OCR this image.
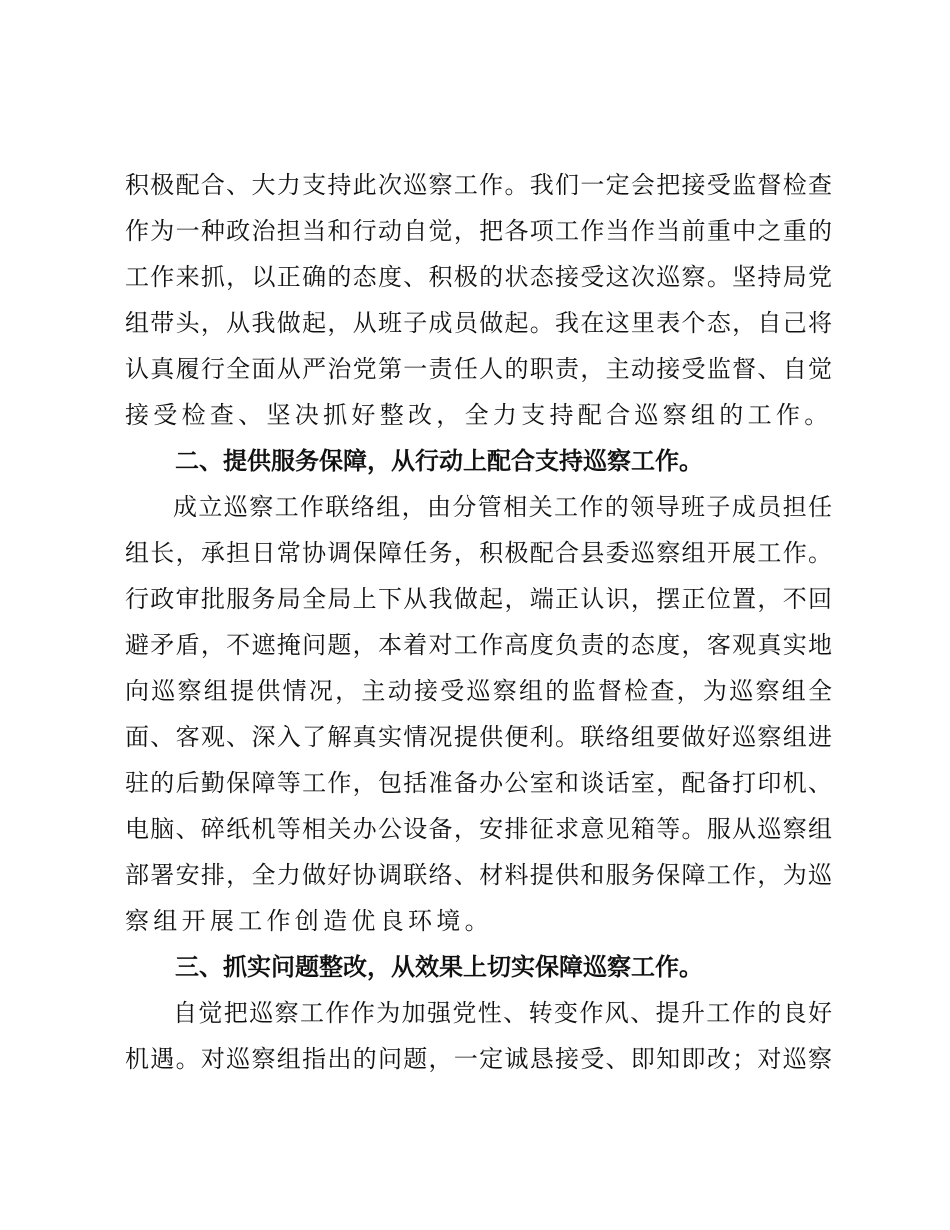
积极配合、大力支持此次巡察工作。我们一定会把接受监督检查
作为一种政治担当和行动自觉，把各项工作当作当前重中之重的
工作来抓，以正确的态度、积极的状态接受这次巡察。坚持局党
组带头，从我做起，从班子成员做起。我在这里表个态，自己将
认真履行全面从严治党第一责任人的职责，主动接受监督、自觉
接受检查、坚决抓好整改，全力支持配合巡察组的工作。
二、提供服务保障，从行动上配合支持巡察工作。
成立巡察工作联络组，由分管相关工作的领导班子成员担任
组长，承担日常协调保障任务，积极配合县委巡察组开展工作。
行政审批服务局全局上下从我做起，端正认识，摆正位置，不回
避矛盾，不遮掩问题，本着对工作高度负责的态度，客观真实地
向巡察组提供情况，主动接受巡察组的监督检查，为巡察组全
面、客观、深入了解真实情况提供便利。联络组要做好巡察组进
驻的后勤保障等工作，包括准备办公室和谈话室，配备打印机、
电脑、碎纸机等相关办公设备，安排征求意见箱等。服从巡察组
部署安排，全力做好协调联络、材料提供和服务保障工作，为巡
察组开展工作创造优良环境。
三、抓实问题整改，从效果上切实保障巡察工作。
自觉把巡察工作作为加强党性、转变作风、提升工作的良好
机遇。对巡察组指出的问题，一定诚恳接受、即知即改；对巡察
